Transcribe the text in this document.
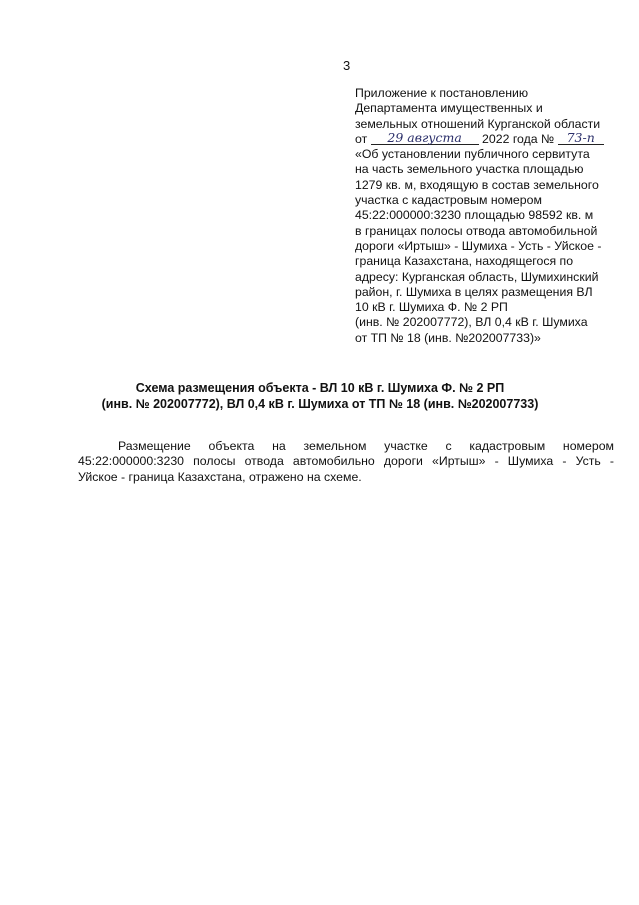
3
Приложение к постановлению
Департамента имущественных и
земельных отношений Курганской области
от 29 августа 2022 года № 73-п
«Об установлении публичного сервитута
на часть земельного участка площадью
1279 кв. м, входящую в состав земельного
участка с кадастровым номером
45:22:000000:3230 площадью 98592 кв. м
в границах полосы отвода автомобильной
дороги «Иртыш» - Шумиха - Усть - Уйское -
граница Казахстана, находящегося по
адресу: Курганская область, Шумихинский
район, г. Шумиха в целях размещения ВЛ
10 кВ г. Шумиха Ф. № 2 РП
(инв. № 202007772), ВЛ 0,4 кВ г. Шумиха
от ТП № 18 (инв. №202007733)»
Схема размещения объекта - ВЛ 10 кВ г. Шумиха Ф. № 2 РП
(инв. № 202007772), ВЛ 0,4 кВ г. Шумиха от ТП № 18 (инв. №202007733)
Размещение объекта на земельном участке с кадастровым номером
45:22:000000:3230 полосы отвода автомобильно дороги «Иртыш» - Шумиха - Усть -
Уйское - граница Казахстана, отражено на схеме.
